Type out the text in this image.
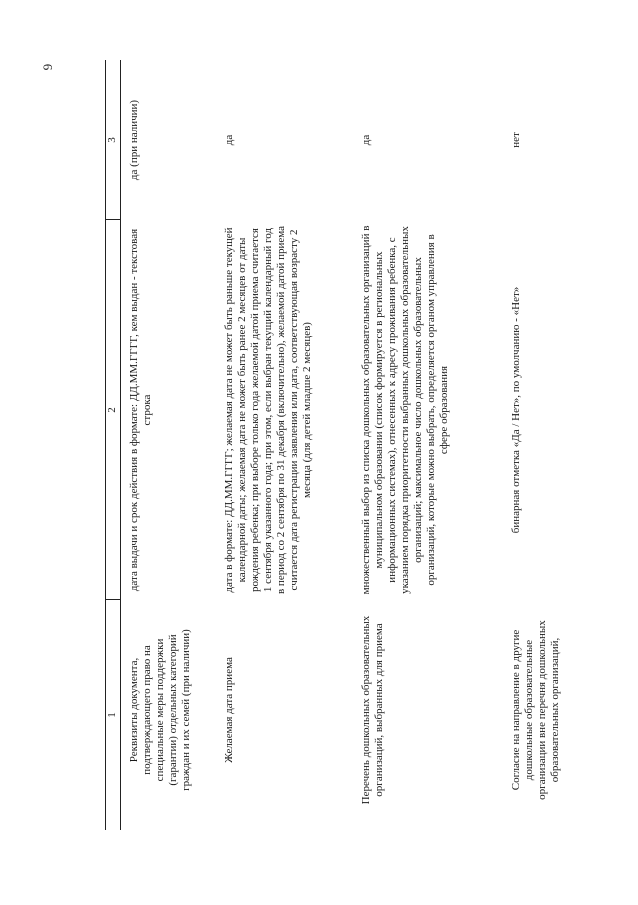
6
1
2
3
Реквизиты документа, подтверждающего право на специальные меры поддержки (гарантии) отдельных категорий граждан и их семей (при наличии)
дата выдачи и срок действия в формате: ДД.ММ.ГГГГ, кем выдан - текстовая строка
да (при наличии)
Желаемая дата приема
дата в формате: ДД.ММ.ГГГГ; желаемая дата не может быть раньше текущей календарной даты; желаемая дата не может быть ранее 2 месяцев от даты рождения ребенка; при выборе только года желаемой датой приема считается 1 сентября указанного года; при этом, если выбран текущий календарный год в период со 2 сентября по 31 декабря (включительно), желаемой датой приема считается дата регистрации заявления или дата, соответствующая возрасту 2 месяца (для детей младше 2 месяцев)
да
Перечень дошкольных образовательных организаций, выбранных для приема
множественный выбор из списка дошкольных образовательных организаций в муниципальном образовании (список формируется в региональных информационных системах), отнесенных к адресу проживания ребенка, с указанием порядка приоритетности выбранных дошкольных образовательных организаций; максимальное число дошкольных образовательных организаций, которые можно выбрать, определяется органом управления в сфере образования
да
Согласие на направление в другие дошкольные образовательные организации вне перечня дошкольных образовательных организаций,
бинарная отметка «Да / Нет», по умолчанию - «Нет»
нет
